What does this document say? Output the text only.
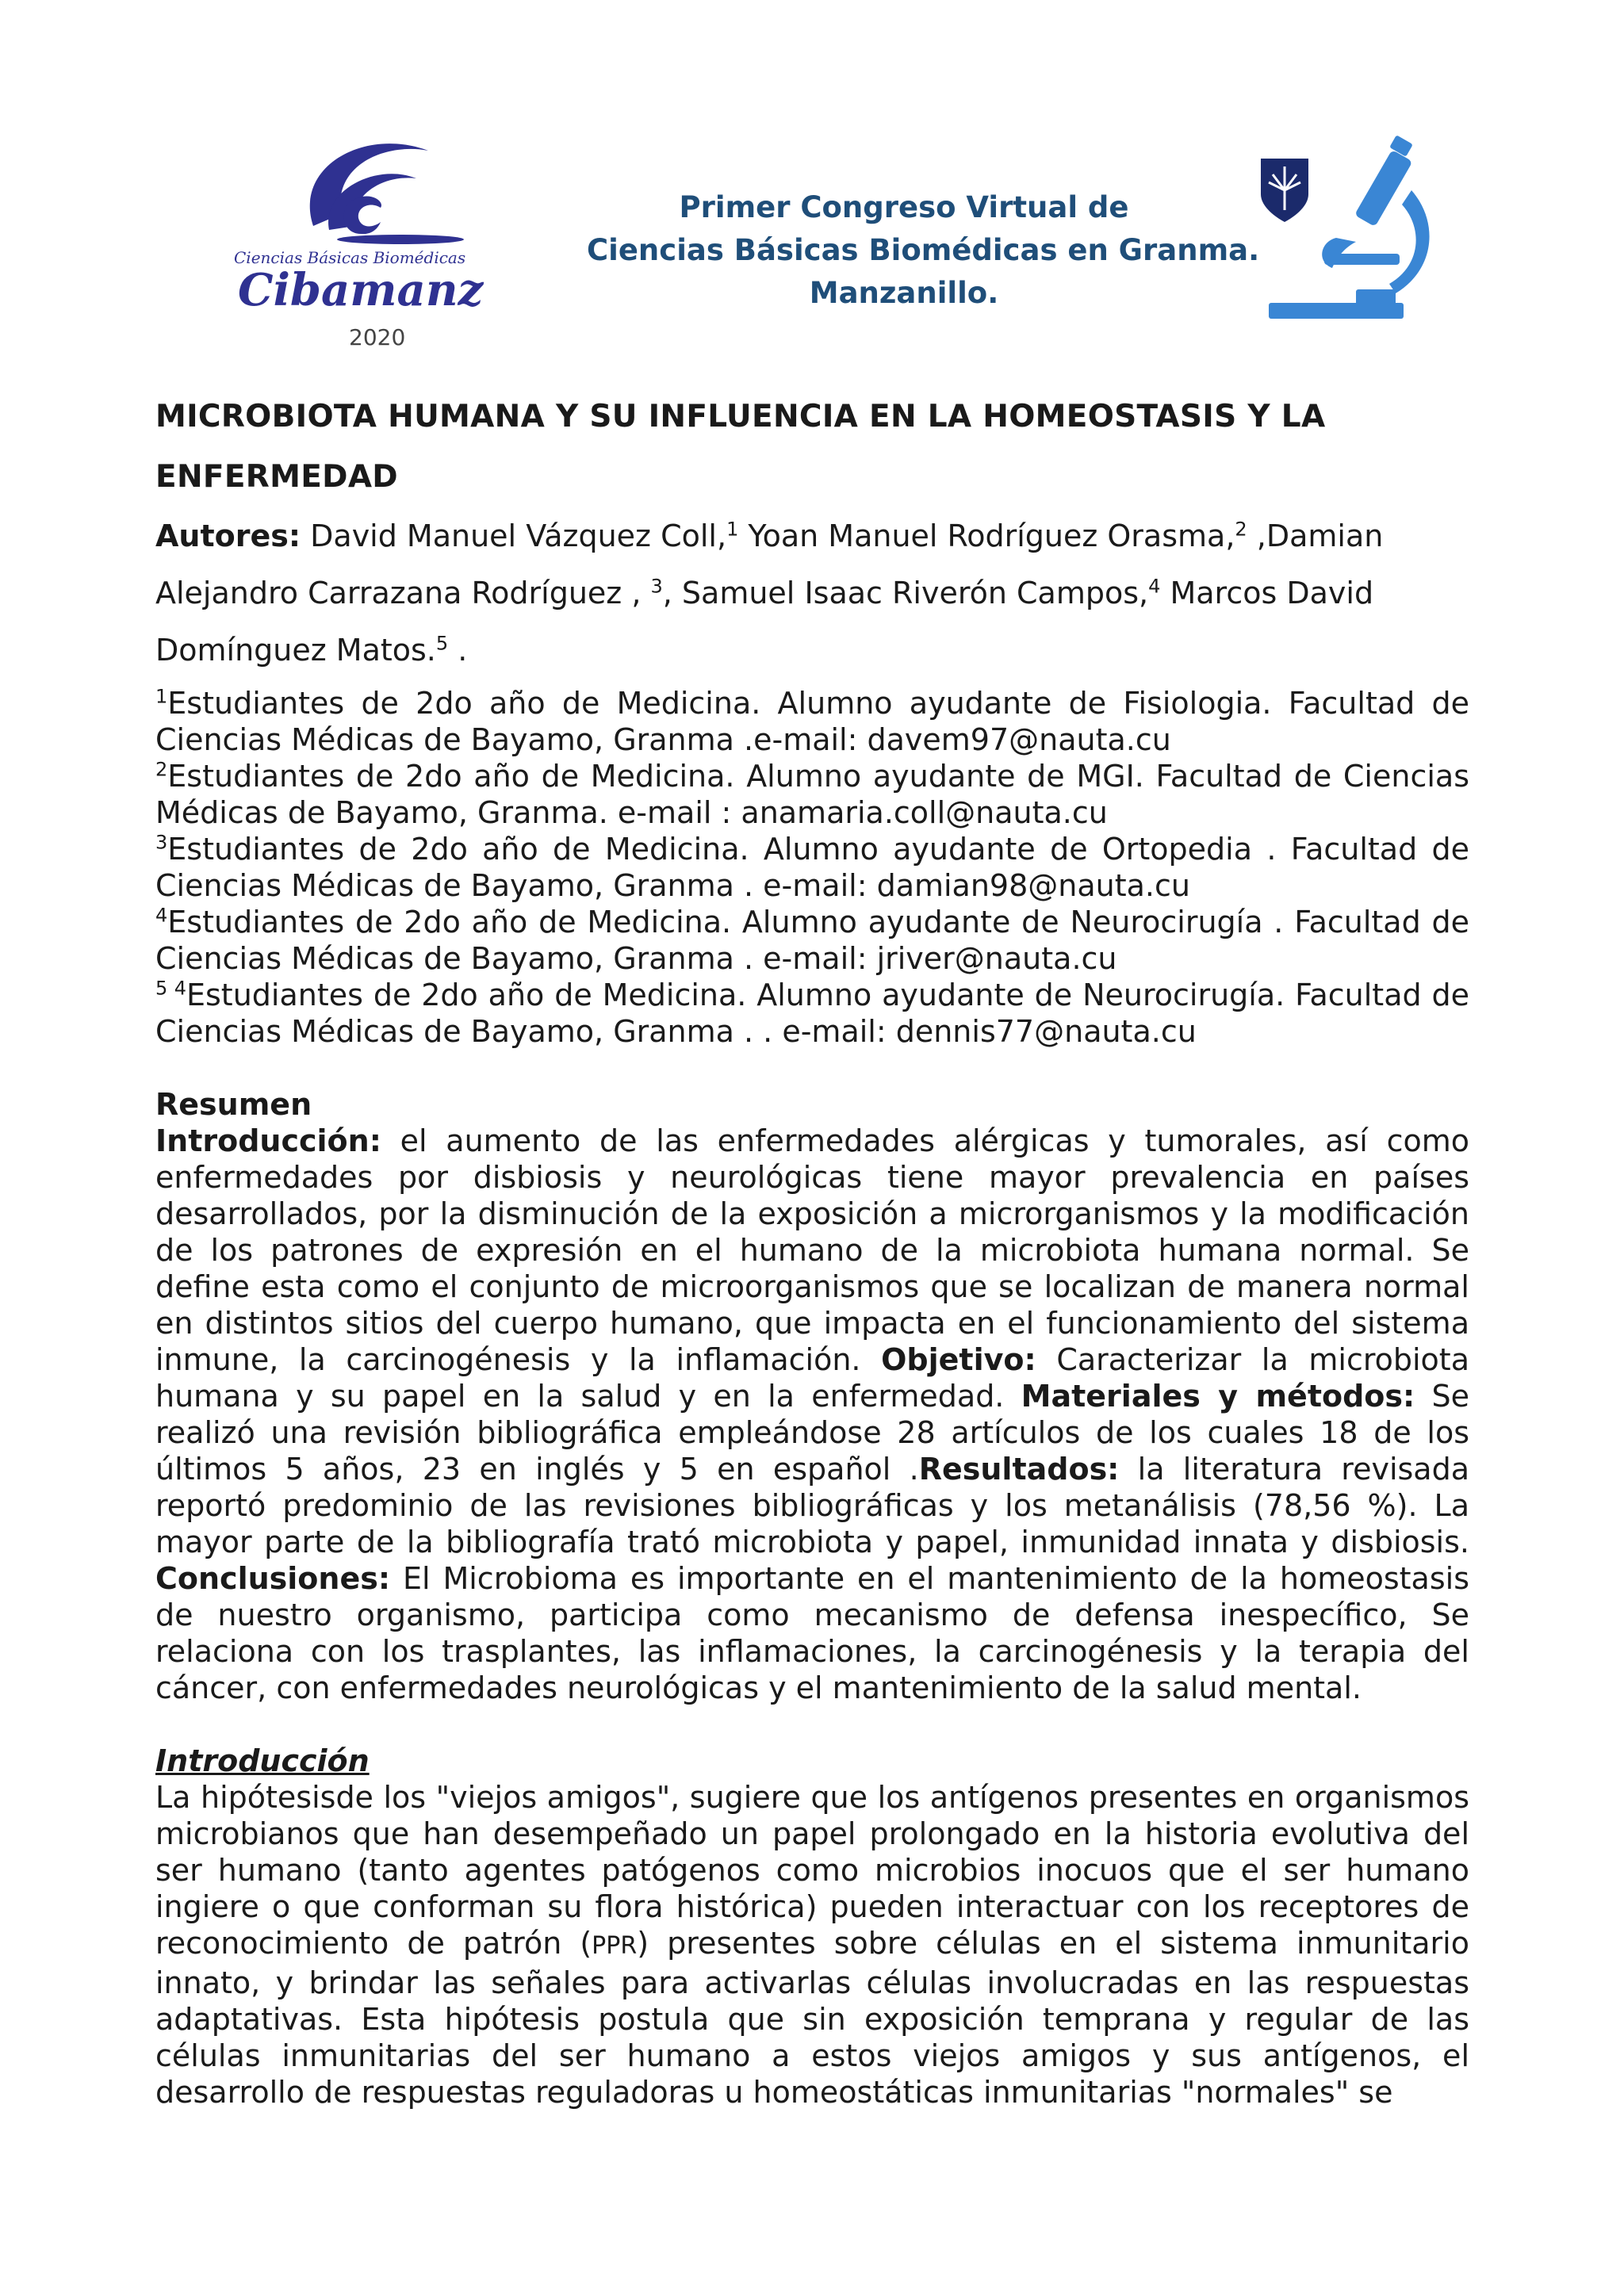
Ciencias Básicas Biomédicas
Cibamanz
2020
Primer Congreso Virtual de
Ciencias Básicas Biomédicas en Granma.
Manzanillo.
MICROBIOTA HUMANA Y SU INFLUENCIA EN LA HOMEOSTASIS Y LA
ENFERMEDAD
Autores: David Manuel Vázquez Coll,$^1$ Yoan Manuel Rodríguez Orasma,$^2$ ,Damian Alejandro Carrazana Rodríguez , $^3$, Samuel Isaac Riverón Campos,$^4$ Marcos David Domínguez Matos.$^5$ .

$^1$Estudiantes de 2do año de Medicina. Alumno ayudante de Fisiologia. Facultad de Ciencias Médicas de Bayamo, Granma .e-mail: davem97@nauta.cu

$^2$Estudiantes de 2do año de Medicina. Alumno ayudante de MGI. Facultad de Ciencias Médicas de Bayamo, Granma. e-mail : anamaria.coll@nauta.cu

$^3$Estudiantes de 2do año de Medicina. Alumno ayudante de Ortopedia . Facultad de Ciencias Médicas de Bayamo, Granma . e-mail: damian98@nauta.cu

$^4$Estudiantes de 2do año de Medicina. Alumno ayudante de Neurocirugía . Facultad de Ciencias Médicas de Bayamo, Granma . e-mail: jriver@nauta.cu

$^{5 4}$Estudiantes de 2do año de Medicina. Alumno ayudante de Neurocirugía. Facultad de Ciencias Médicas de Bayamo, Granma . . e-mail: dennis77@nauta.cu

Resumen

Introducción: el aumento de las enfermedades alérgicas y tumorales, así como enfermedades por disbiosis y neurológicas tiene mayor prevalencia en países desarrollados, por la disminución de la exposición a microrganismos y la modificación de los patrones de expresión en el humano de la microbiota humana normal. Se define esta como el conjunto de microorganismos que se localizan de manera normal en distintos sitios del cuerpo humano, que impacta en el funcionamiento del sistema inmune, la carcinogénesis y la inflamación. Objetivo: Caracterizar la microbiota humana y su papel en la salud y en la enfermedad. Materiales y métodos: Se realizó una revisión bibliográfica empleándose 28 artículos de los cuales 18 de los últimos 5 años, 23 en inglés y 5 en español .Resultados: la literatura revisada reportó predominio de las revisiones bibliográficas y los metanálisis (78,56 %). La mayor parte de la bibliografía trató microbiota y papel, inmunidad innata y disbiosis. Conclusiones: El Microbioma es importante en el mantenimiento de la homeostasis de nuestro organismo, participa como mecanismo de defensa inespecífico, Se relaciona con los trasplantes, las inflamaciones, la carcinogénesis y la terapia del cáncer, con enfermedades neurológicas y el mantenimiento de la salud mental.

Introducción

La hipótesisde los "viejos amigos", sugiere que los antígenos presentes en organismos microbianos que han desempeñado un papel prolongado en la historia evolutiva del ser humano (tanto agentes patógenos como microbios inocuos que el ser humano ingiere o que conforman su flora histórica) pueden interactuar con los receptores de reconocimiento de patrón (PPR) presentes sobre células en el sistema inmunitario innato, y brindar las señales para activarlas células involucradas en las respuestas adaptativas. Esta hipótesis postula que sin exposición temprana y regular de las células inmunitarias del ser humano a estos viejos amigos y sus antígenos, el desarrollo de respuestas reguladoras u homeostáticas inmunitarias "normales" se
